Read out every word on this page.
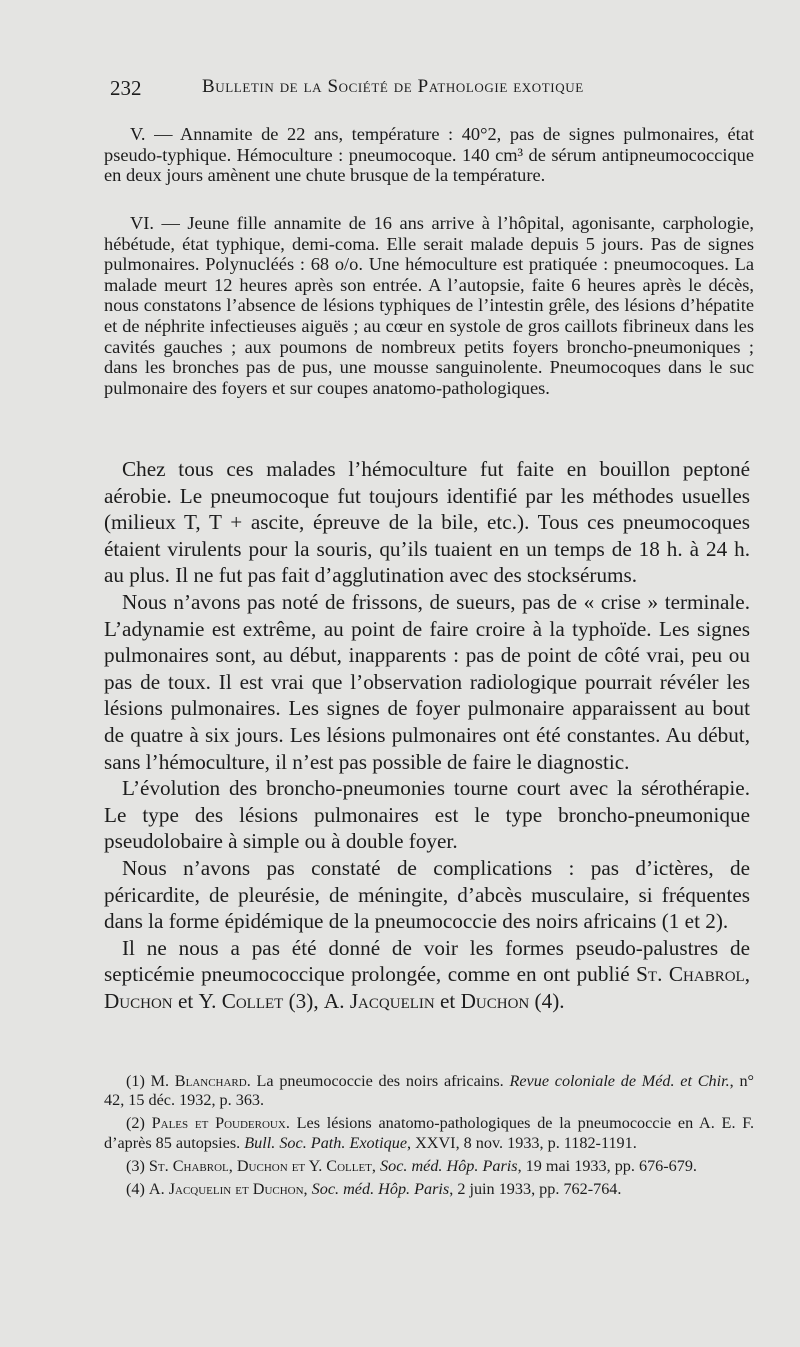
232	Bulletin de la Société de Pathologie exotique

V. — Annamite de 22 ans, température : 40°2, pas de signes pulmonaires, état pseudo-typhique. Hémoculture : pneumocoque. 140 cm³ de sérum antipneumococcique en deux jours amènent une chute brusque de la température.

VI. — Jeune fille annamite de 16 ans arrive à l’hôpital, agonisante, carphologie, hébétude, état typhique, demi-coma. Elle serait malade depuis 5 jours. Pas de signes pulmonaires. Polynucléés : 68 o/o. Une hémoculture est pratiquée : pneumocoques. La malade meurt 12 heures après son entrée. A l’autopsie, faite 6 heures après le décès, nous constatons l’absence de lésions typhiques de l’intestin grêle, des lésions d’hépatite et de néphrite infectieuses aiguës ; au cœur en systole de gros caillots fibrineux dans les cavités gauches ; aux poumons de nombreux petits foyers broncho-pneumoniques ; dans les bronches pas de pus, une mousse sanguinolente. Pneumocoques dans le suc pulmonaire des foyers et sur coupes anatomo-pathologiques.

Chez tous ces malades l’hémoculture fut faite en bouillon peptoné aérobie. Le pneumocoque fut toujours identifié par les méthodes usuelles (milieux T, T + ascite, épreuve de la bile, etc.). Tous ces pneumocoques étaient virulents pour la souris, qu’ils tuaient en un temps de 18 h. à 24 h. au plus. Il ne fut pas fait d’agglutination avec des stocksérums.

Nous n’avons pas noté de frissons, de sueurs, pas de « crise » terminale. L’adynamie est extrême, au point de faire croire à la typhoïde. Les signes pulmonaires sont, au début, inapparents : pas de point de côté vrai, peu ou pas de toux. Il est vrai que l’observation radiologique pourrait révéler les lésions pulmonaires. Les signes de foyer pulmonaire apparaissent au bout de quatre à six jours. Les lésions pulmonaires ont été constantes. Au début, sans l’hémoculture, il n’est pas possible de faire le diagnostic.

L’évolution des broncho-pneumonies tourne court avec la sérothérapie. Le type des lésions pulmonaires est le type broncho-pneumonique pseudolobaire à simple ou à double foyer.

Nous n’avons pas constaté de complications : pas d’ictères, de péricardite, de pleurésie, de méningite, d’abcès musculaire, si fréquentes dans la forme épidémique de la pneumococcie des noirs africains (1 et 2).

Il ne nous a pas été donné de voir les formes pseudo-palustres de septicémie pneumococcique prolongée, comme en ont publié St. Chabrol, Duchon et Y. Collet (3), A. Jacquelin et Duchon (4).

(1) M. Blanchard. La pneumococcie des noirs africains. Revue coloniale de Méd. et Chir., n° 42, 15 déc. 1932, p. 363.

(2) Pales et Pouderoux. Les lésions anatomo-pathologiques de la pneumococcie en A. E. F. d’après 85 autopsies. Bull. Soc. Path. Exotique, XXVI, 8 nov. 1933, p. 1182-1191.

(3) St. Chabrol, Duchon et Y. Collet, Soc. méd. Hôp. Paris, 19 mai 1933, pp. 676-679.

(4) A. Jacquelin et Duchon, Soc. méd. Hôp. Paris, 2 juin 1933, pp. 762-764.
